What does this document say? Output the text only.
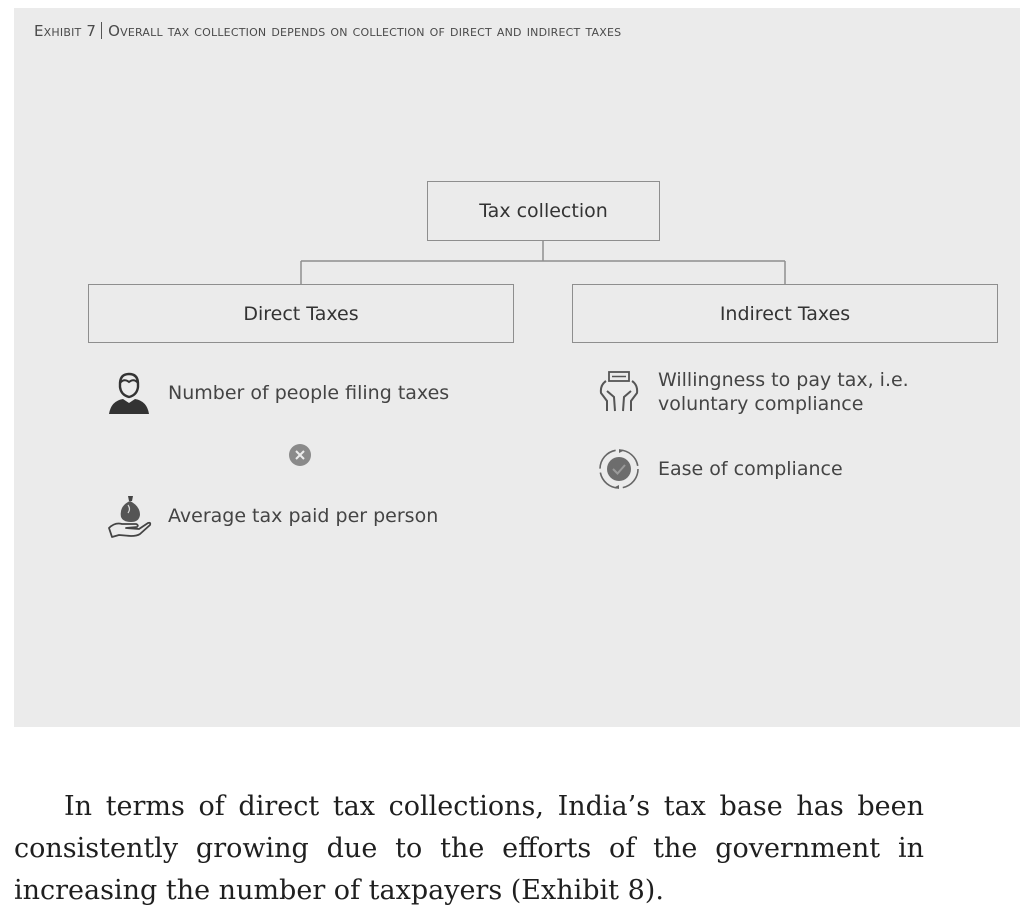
Exhibit 7 Overall tax collection depends on collection of direct and indirect taxes
Tax collection
Direct Taxes	Indirect Taxes
Number of people filing taxes
Average tax paid per person
Willingness to pay tax, i.e.
voluntary compliance
Ease of compliance
In terms of direct tax collections, India’s tax base has been consistently growing due to the efforts of the government in increasing the number of taxpayers (Exhibit 8).
